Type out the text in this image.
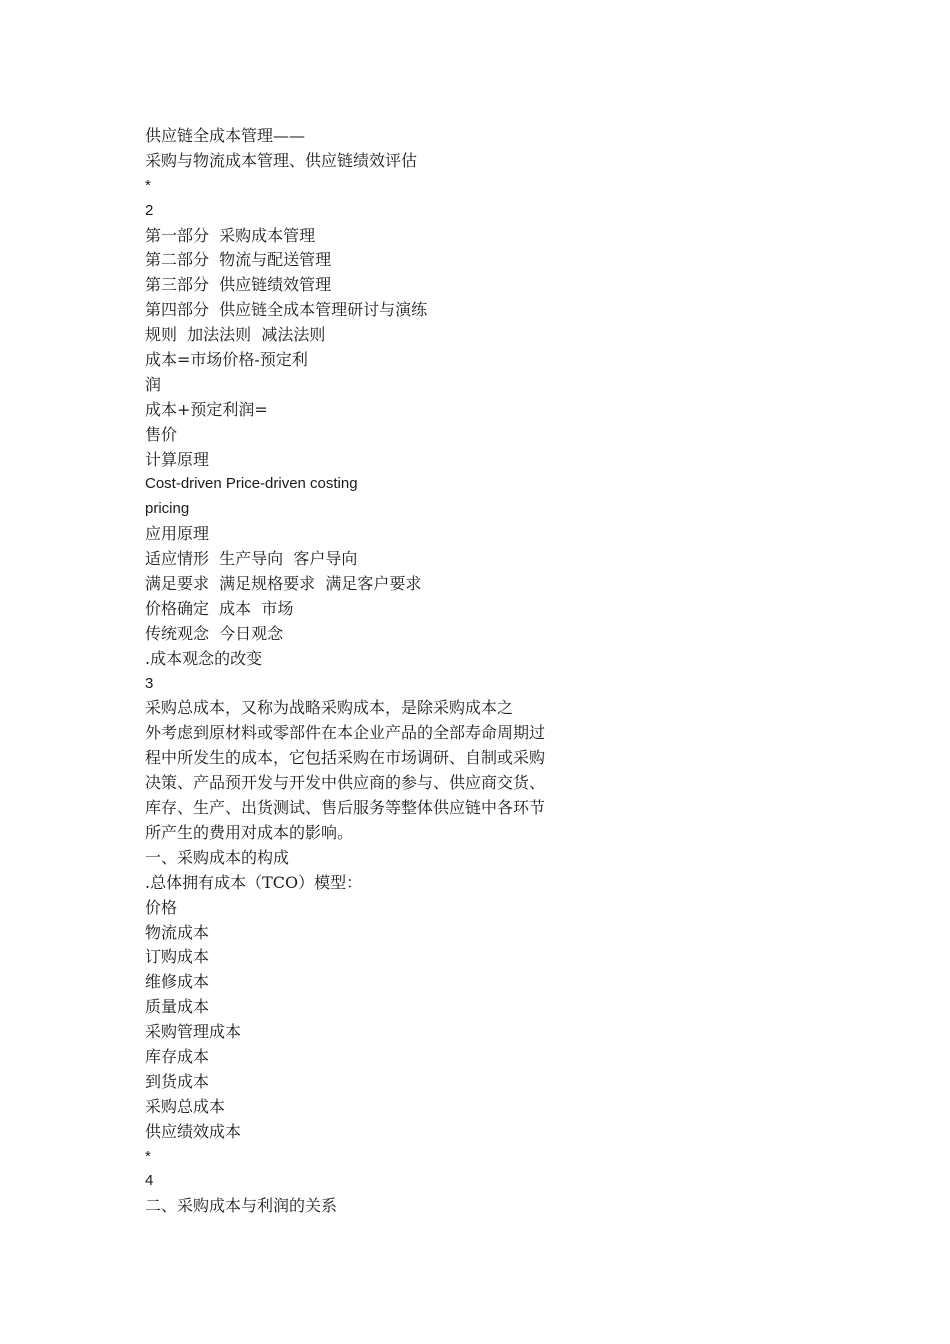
供应链全成本管理——
采购与物流成本管理、供应链绩效评估
*
2
第一部分  采购成本管理
第二部分  物流与配送管理
第三部分  供应链绩效管理
第四部分  供应链全成本管理研讨与演练
规则  加法法则  减法法则
成本=市场价格-预定利
润
成本+预定利润=
售价
计算原理
Cost-driven Price-driven costing
pricing
应用原理
适应情形  生产导向  客户导向
满足要求  满足规格要求  满足客户要求
价格确定  成本  市场
传统观念  今日观念
.成本观念的改变
3
采购总成本，又称为战略采购成本，是除采购成本之
外考虑到原材料或零部件在本企业产品的全部寿命周期过
程中所发生的成本，它包括采购在市场调研、自制或采购
决策、产品预开发与开发中供应商的参与、供应商交货、
库存、生产、出货测试、售后服务等整体供应链中各环节
所产生的费用对成本的影响。
一、采购成本的构成
.总体拥有成本（TCO）模型：
价格
物流成本
订购成本
维修成本
质量成本
采购管理成本
库存成本
到货成本
采购总成本
供应绩效成本
*
4
二、采购成本与利润的关系
